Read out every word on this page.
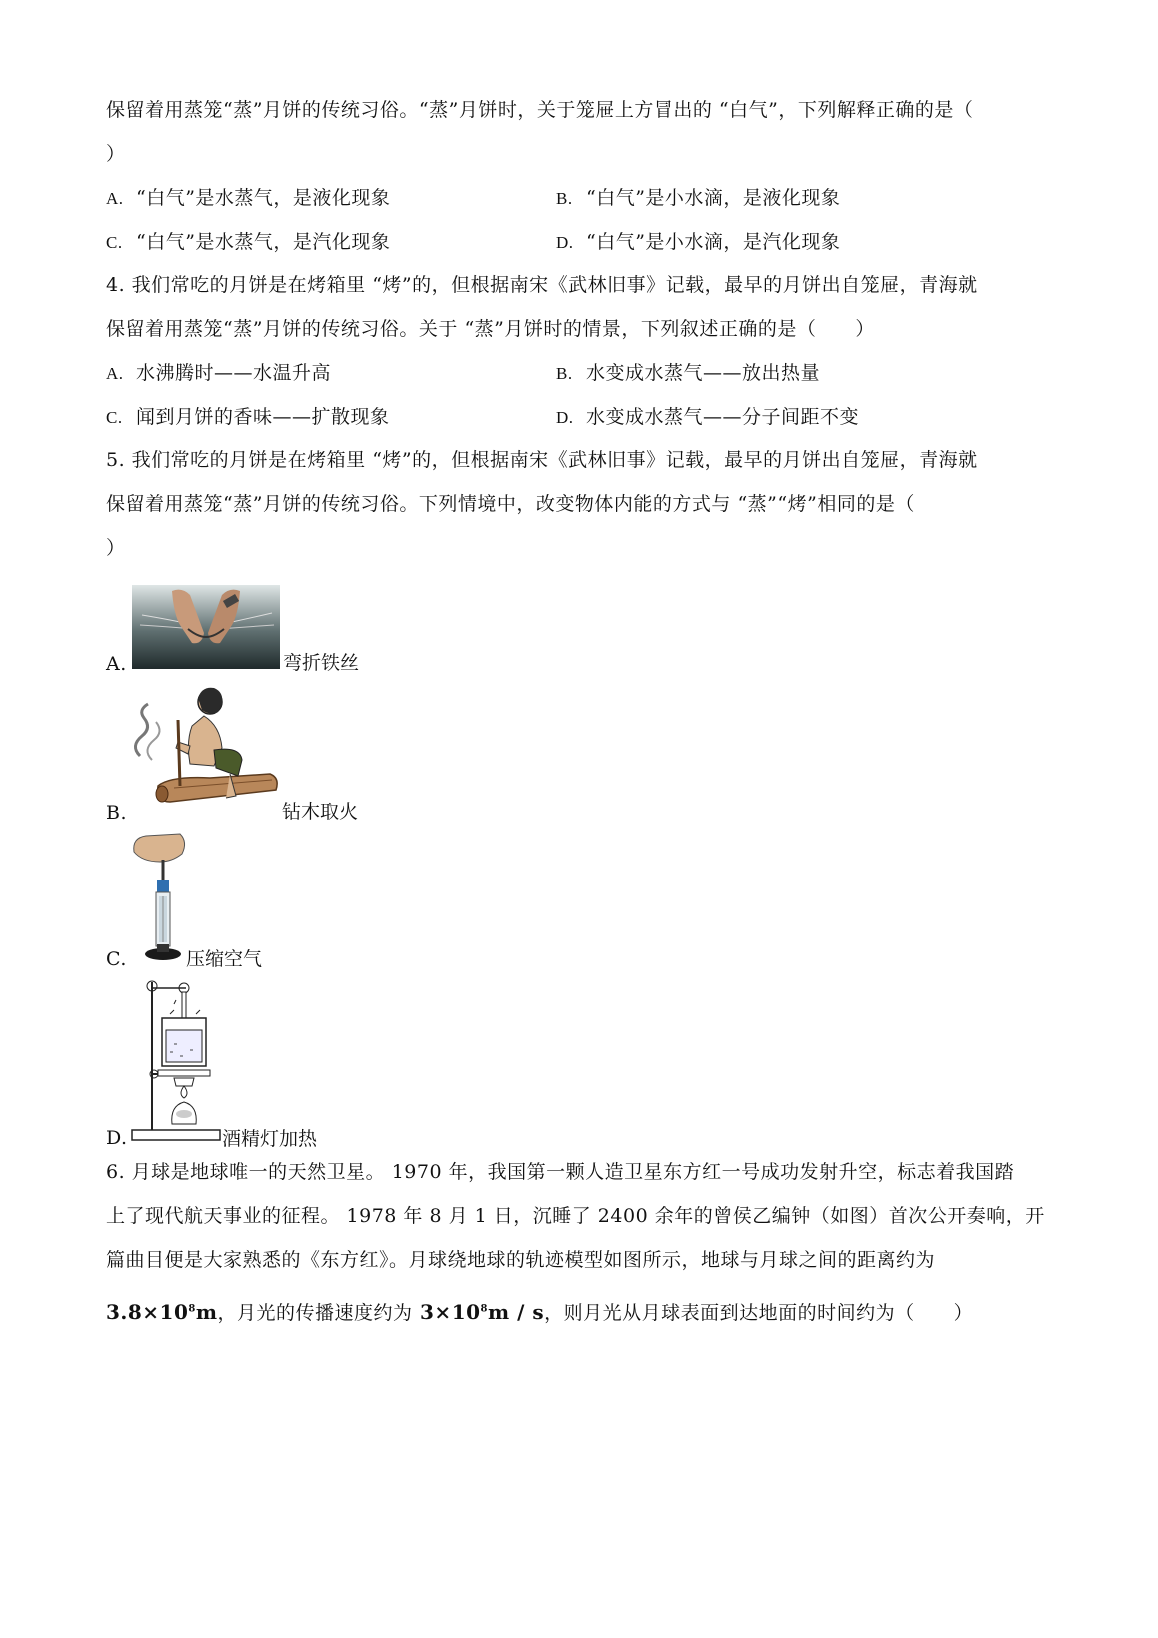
保留着用蒸笼“蒸”月饼的传统习俗。“蒸”月饼时，关于笼屉上方冒出的 “白气”，下列解释正确的是（
）
A. “白气”是水蒸气，是液化现象	B. “白气”是小水滴，是液化现象
C. “白气”是水蒸气，是汽化现象	D. “白气”是小水滴，是汽化现象
4. 我们常吃的月饼是在烤箱里 “烤”的，但根据南宋《武林旧事》记载，最早的月饼出自笼屉，青海就
保留着用蒸笼“蒸”月饼的传统习俗。关于 “蒸”月饼时的情景，下列叙述正确的是（　　）
A. 水沸腾时——水温升高	B. 水变成水蒸气——放出热量
C. 闻到月饼的香味——扩散现象	D. 水变成水蒸气——分子间距不变
5. 我们常吃的月饼是在烤箱里 “烤”的，但根据南宋《武林旧事》记载，最早的月饼出自笼屉，青海就
保留着用蒸笼“蒸”月饼的传统习俗。下列情境中，改变物体内能的方式与 “蒸”“烤”相同的是（
）
A.	弯折铁丝
B.	钻木取火
C.	压缩空气
D.	酒精灯加热
6. 月球是地球唯一的天然卫星。 1970 年，我国第一颗人造卫星东方红一号成功发射升空，标志着我国踏
上了现代航天事业的征程。 1978 年 8 月 1 日，沉睡了 2400 余年的曾侯乙编钟（如图）首次公开奏响，开
篇曲目便是大家熟悉的《东方红》。月球绕地球的轨迹模型如图所示，地球与月球之间的距离约为
$3.8\times 10^8m$，月光的传播速度约为 $3\times 10^8m / s$，则月光从月球表面到达地面的时间约为（　　）
